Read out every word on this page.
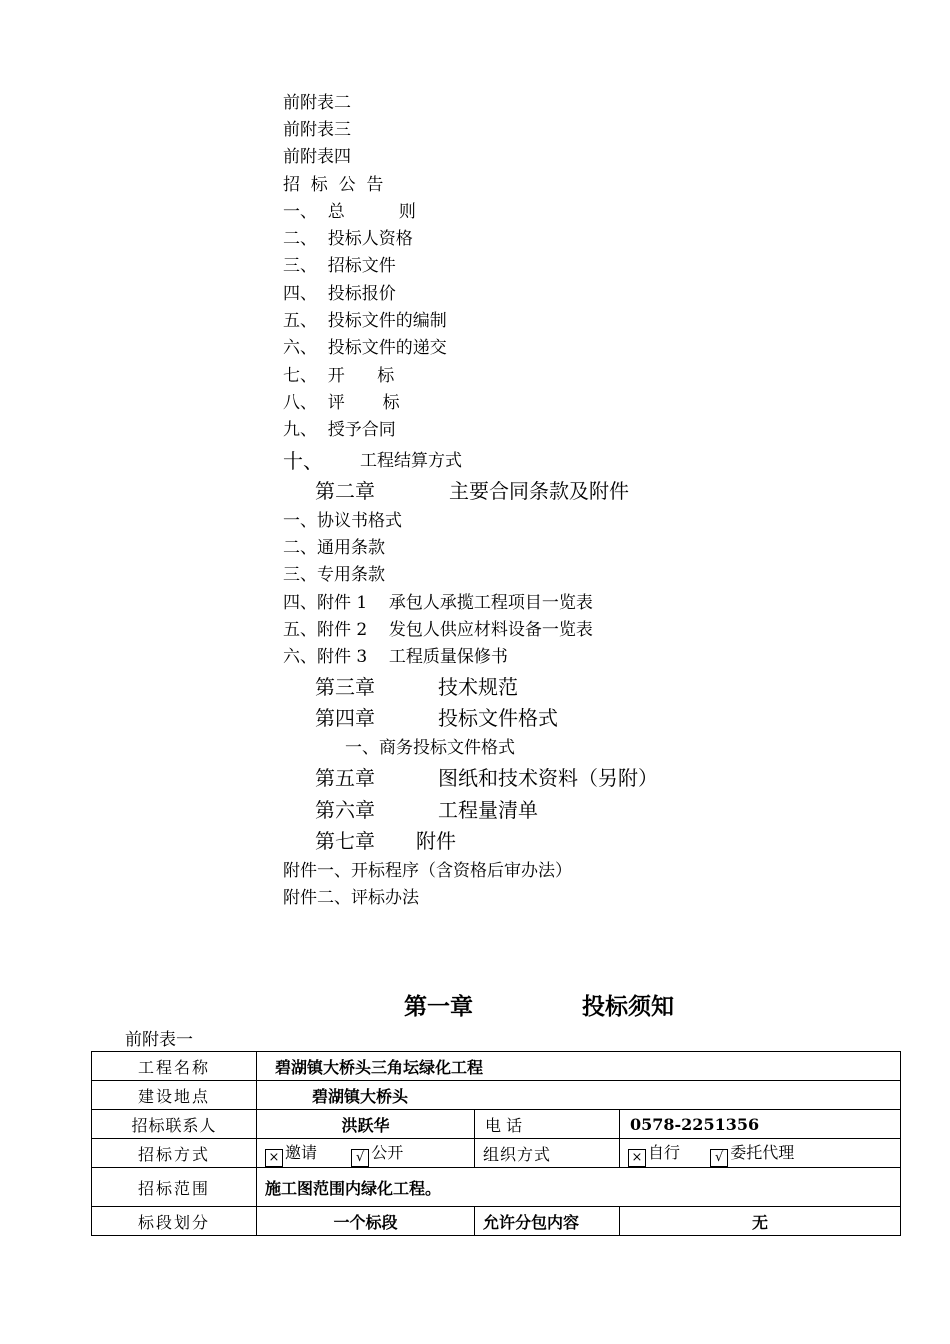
前附表二
前附表三
前附表四
招  标  公  告
一、  总          则
二、  投标人资格
三、  招标文件
四、  投标报价
五、  投标文件的编制
六、  投标文件的递交
七、  开      标
八、  评       标
九、  授予合同
十、 工程结算方式
第二章	主要合同条款及附件
一、协议书格式
二、通用条款
三、专用条款
四、附件 1    承包人承揽工程项目一览表
五、附件 2    发包人供应材料设备一览表
六、附件 3    工程质量保修书
第三章	技术规范
第四章	投标文件格式
一、商务投标文件格式
第五章	图纸和技术资料（另附）
第六章	工程量清单
第七章 附件
附件一、开标程序（含资格后审办法）
附件二、评标办法
第一章	投标须知
前附表一
工程名称	碧湖镇大桥头三角坛绿化工程		
建设地点	碧湖镇大桥头		
招标联系人	洪跃华	电 话	0578-2251356
招标方式	× 邀请 √ 公开	组织方式	× 自行 √ 委托代理
招标范围	施工图范围内绿化工程。		
标段划分	一个标段	允许分包内容	无
